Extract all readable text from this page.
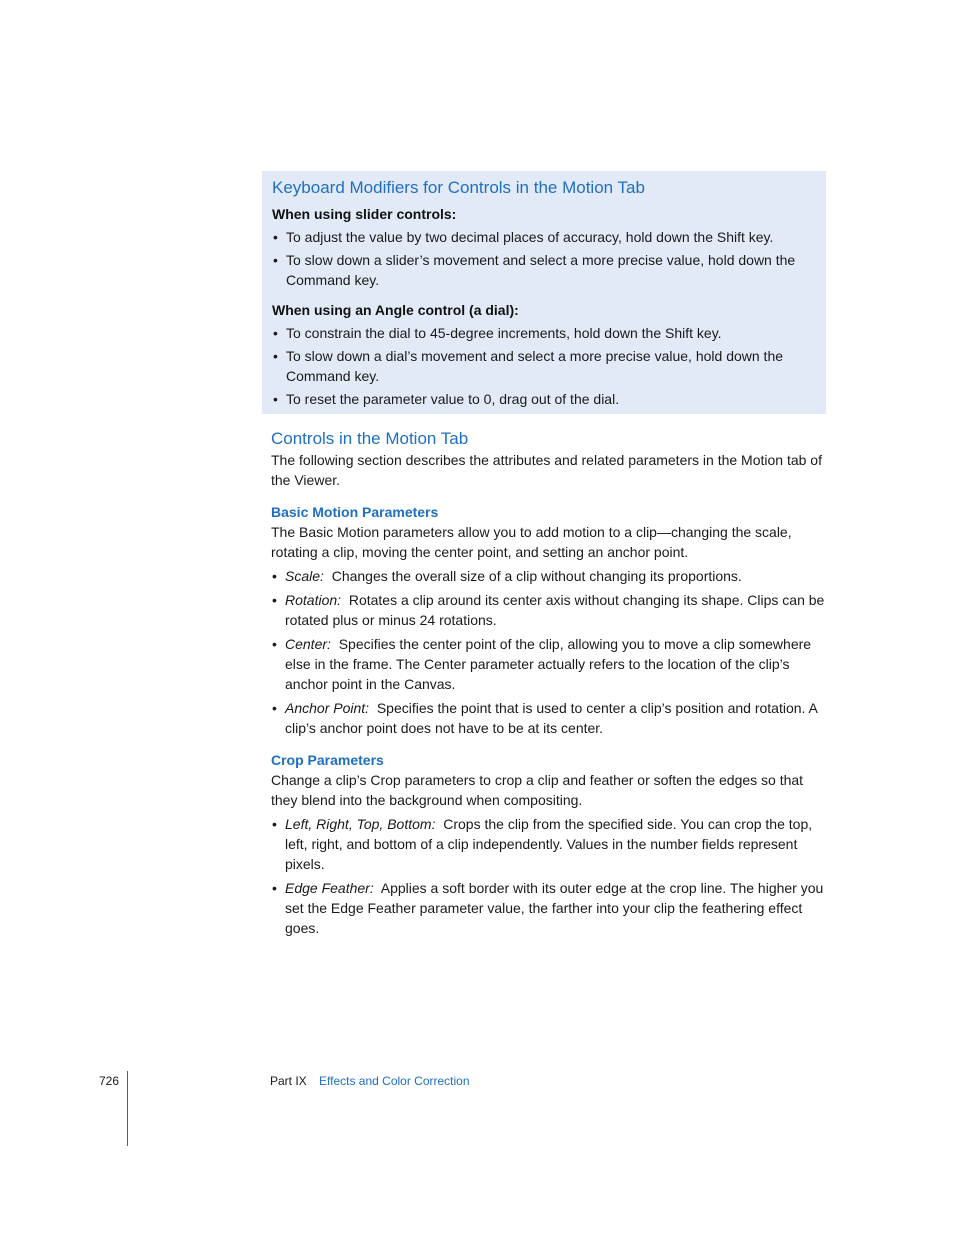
Keyboard Modifiers for Controls in the Motion Tab
When using slider controls:
• To adjust the value by two decimal places of accuracy, hold down the Shift key.
• To slow down a slider’s movement and select a more precise value, hold down the Command key.
When using an Angle control (a dial):
• To constrain the dial to 45-degree increments, hold down the Shift key.
• To slow down a dial’s movement and select a more precise value, hold down the Command key.
• To reset the parameter value to 0, drag out of the dial.
Controls in the Motion Tab

The following section describes the attributes and related parameters in the Motion tab of the Viewer.

Basic Motion Parameters

The Basic Motion parameters allow you to add motion to a clip—changing the scale, rotating a clip, moving the center point, and setting an anchor point.

• Scale: Changes the overall size of a clip without changing its proportions.
• Rotation: Rotates a clip around its center axis without changing its shape. Clips can be rotated plus or minus 24 rotations.
• Center: Specifies the center point of the clip, allowing you to move a clip somewhere else in the frame. The Center parameter actually refers to the location of the clip’s anchor point in the Canvas.
• Anchor Point: Specifies the point that is used to center a clip’s position and rotation. A clip’s anchor point does not have to be at its center.
Crop Parameters

Change a clip’s Crop parameters to crop a clip and feather or soften the edges so that they blend into the background when compositing.

• Left, Right, Top, Bottom: Crops the clip from the specified side. You can crop the top, left, right, and bottom of a clip independently. Values in the number fields represent pixels.
• Edge Feather: Applies a soft border with its outer edge at the crop line. The higher you set the Edge Feather parameter value, the farther into your clip the feathering effect goes.
726	Part IX Effects and Color Correction
